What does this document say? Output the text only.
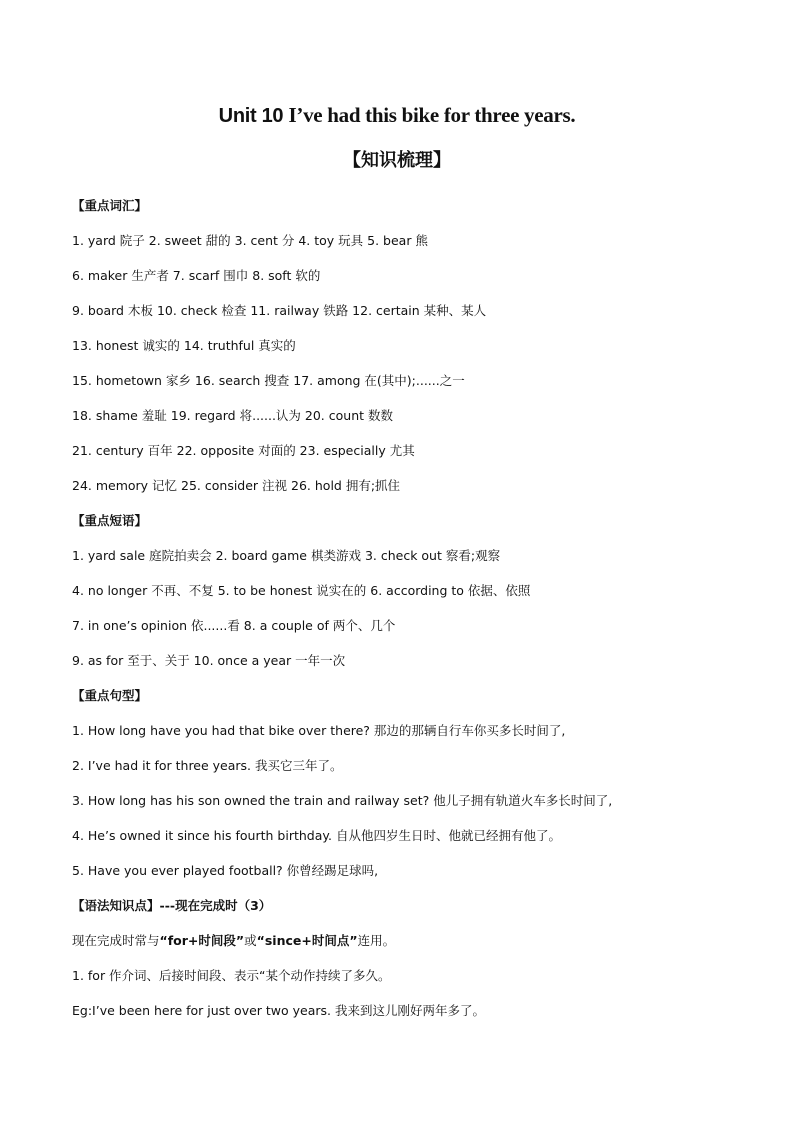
Unit 10 I’ve had this bike for three years.
【知识梳理】
【重点词汇】
1. yard 院子 2. sweet 甜的 3. cent 分 4. toy 玩具 5. bear 熊
6. maker 生产者 7. scarf 围巾 8. soft 软的
9. board 木板 10. check 检查 11. railway 铁路 12. certain 某种、某人
13. honest 诚实的 14. truthful 真实的
15. hometown 家乡 16. search 搜查 17. among 在(其中);......之一
18. shame 羞耻 19. regard 将......认为 20. count 数数
21. century 百年 22. opposite 对面的 23. especially 尤其
24. memory 记忆 25. consider 注视 26. hold 拥有;抓住
【重点短语】
1. yard sale 庭院拍卖会 2. board game 棋类游戏 3. check out 察看;观察
4. no longer 不再、不复 5. to be honest 说实在的 6. according to 依据、依照
7. in one’s opinion 依......看 8. a couple of 两个、几个
9. as for 至于、关于 10. once a year 一年一次
【重点句型】
1. How long have you had that bike over there? 那边的那辆自行车你买多长时间了,
2. I’ve had it for three years. 我买它三年了。
3. How long has his son owned the train and railway set? 他儿子拥有轨道火车多长时间了,
4. He’s owned it since his fourth birthday. 自从他四岁生日时、他就已经拥有他了。
5. Have you ever played football? 你曾经踢足球吗,
【语法知识点】---现在完成时（3）
现在完成时常与“for+时间段”或“since+时间点”连用。
1. for 作介词、后接时间段、表示“某个动作持续了多久。
Eg:I’ve been here for just over two years. 我来到这儿刚好两年多了。
